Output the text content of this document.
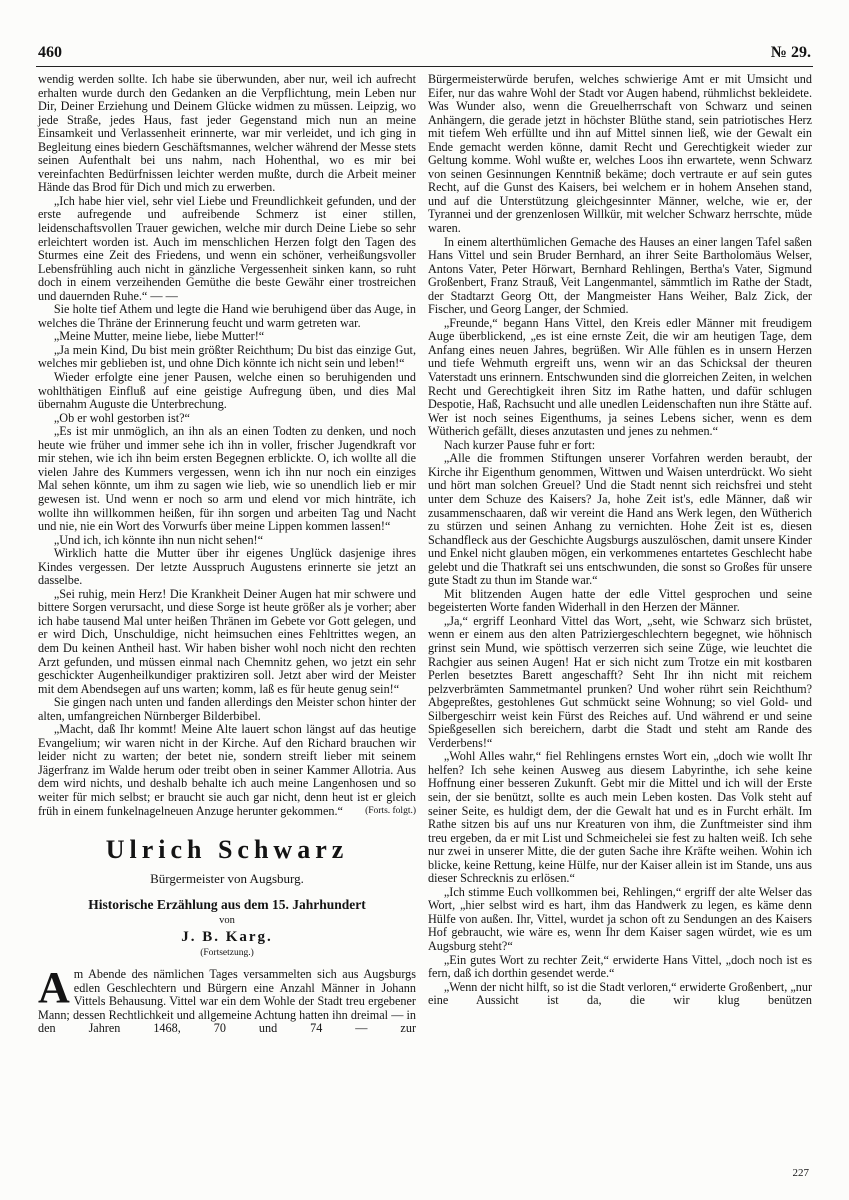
460	№ 29.

wendig werden sollte. Ich habe sie überwunden, aber nur, weil ich aufrecht erhalten wurde durch den Gedanken an die Verpflichtung, mein Leben nur Dir, Deiner Erziehung und Deinem Glücke widmen zu müssen. Leipzig, wo jede Straße, jedes Haus, fast jeder Gegenstand mich nun an meine Einsamkeit und Verlassenheit erinnerte, war mir verleidet, und ich ging in Begleitung eines biedern Geschäftsmannes, welcher während der Messe stets seinen Aufenthalt bei uns nahm, nach Hohenthal, wo es mir bei vereinfachten Bedürfnissen leichter werden mußte, durch die Arbeit meiner Hände das Brod für Dich und mich zu erwerben.

„Ich habe hier viel, sehr viel Liebe und Freundlichkeit gefunden, und der erste aufregende und aufreibende Schmerz ist einer stillen, leidenschaftsvollen Trauer gewichen, welche mir durch Deine Liebe so sehr erleichtert worden ist. Auch im menschlichen Herzen folgt den Tagen des Sturmes eine Zeit des Friedens, und wenn ein schöner, verheißungsvoller Lebensfrühling auch nicht in gänzliche Vergessenheit sinken kann, so ruht doch in einem verzeihenden Gemüthe die beste Gewähr einer trostreichen und dauernden Ruhe.“ — —

Sie holte tief Athem und legte die Hand wie beruhigend über das Auge, in welches die Thräne der Erinnerung feucht und warm getreten war.

„Meine Mutter, meine liebe, liebe Mutter!“

„Ja mein Kind, Du bist mein größter Reichthum; Du bist das einzige Gut, welches mir geblieben ist, und ohne Dich könnte ich nicht sein und leben!“

Wieder erfolgte eine jener Pausen, welche einen so beruhigenden und wohlthätigen Einfluß auf eine geistige Aufregung üben, und dies Mal übernahm Auguste die Unterbrechung.

„Ob er wohl gestorben ist?“

„Es ist mir unmöglich, an ihn als an einen Todten zu denken, und noch heute wie früher und immer sehe ich ihn in voller, frischer Jugendkraft vor mir stehen, wie ich ihn beim ersten Begegnen erblickte. O, ich wollte all die vielen Jahre des Kummers vergessen, wenn ich ihn nur noch ein einziges Mal sehen könnte, um ihm zu sagen wie lieb, wie so unendlich lieb er mir gewesen ist. Und wenn er noch so arm und elend vor mich hinträte, ich wollte ihn willkommen heißen, für ihn sorgen und arbeiten Tag und Nacht und nie, nie ein Wort des Vorwurfs über meine Lippen kommen lassen!“

„Und ich, ich könnte ihn nun nicht sehen!“

Wirklich hatte die Mutter über ihr eigenes Unglück dasjenige ihres Kindes vergessen. Der letzte Ausspruch Augustens erinnerte sie jetzt an dasselbe.

„Sei ruhig, mein Herz! Die Krankheit Deiner Augen hat mir schwere und bittere Sorgen verursacht, und diese Sorge ist heute größer als je vorher; aber ich habe tausend Mal unter heißen Thränen im Gebete vor Gott gelegen, und er wird Dich, Unschuldige, nicht heimsuchen eines Fehltrittes wegen, an dem Du keinen Antheil hast. Wir haben bisher wohl noch nicht den rechten Arzt gefunden, und müssen einmal nach Chemnitz gehen, wo jetzt ein sehr geschickter Augenheilkundiger praktiziren soll. Jetzt aber wird der Meister mit dem Abendsegen auf uns warten; komm, laß es für heute genug sein!“

Sie gingen nach unten und fanden allerdings den Meister schon hinter der alten, umfangreichen Nürnberger Bilderbibel.

„Macht, daß Ihr kommt! Meine Alte lauert schon längst auf das heutige Evangelium; wir waren nicht in der Kirche. Auf den Richard brauchen wir leider nicht zu warten; der betet nie, sondern streift lieber mit seinem Jägerfranz im Walde herum oder treibt oben in seiner Kammer Allotria. Aus dem wird nichts, und deshalb behalte ich auch meine Langenhosen und so weiter für mich selbst; er braucht sie auch gar nicht, denn heut ist er gleich früh in einem funkelnagelneuen Anzuge herunter gekommen.“ (Forts. folgt.)

Ulrich Schwarz
Bürgermeister von Augsburg.
Historische Erzählung aus dem 15. Jahrhundert
von
J. B. Karg.
(Fortsetzung.)

Am Abende des nämlichen Tages versammelten sich aus Augsburgs edlen Geschlechtern und Bürgern eine Anzahl Männer in Johann Vittels Behausung. Vittel war ein dem Wohle der Stadt treu ergebener Mann; dessen Rechtlichkeit und allgemeine Achtung hatten ihn dreimal — in den Jahren 1468, 70 und 74 — zur

Bürgermeisterwürde berufen, welches schwierige Amt er mit Umsicht und Eifer, nur das wahre Wohl der Stadt vor Augen habend, rühmlichst bekleidete. Was Wunder also, wenn die Greuelherrschaft von Schwarz und seinen Anhängern, die gerade jetzt in höchster Blüthe stand, sein patriotisches Herz mit tiefem Weh erfüllte und ihn auf Mittel sinnen ließ, wie der Gewalt ein Ende gemacht werden könne, damit Recht und Gerechtigkeit wieder zur Geltung komme. Wohl wußte er, welches Loos ihn erwartete, wenn Schwarz von seinen Gesinnungen Kenntniß bekäme; doch vertraute er auf sein gutes Recht, auf die Gunst des Kaisers, bei welchem er in hohem Ansehen stand, und auf die Unterstützung gleichgesinnter Männer, welche, wie er, der Tyrannei und der grenzenlosen Willkür, mit welcher Schwarz herrschte, müde waren.

In einem alterthümlichen Gemache des Hauses an einer langen Tafel saßen Hans Vittel und sein Bruder Bernhard, an ihrer Seite Bartholomäus Welser, Antons Vater, Peter Hörwart, Bernhard Rehlingen, Bertha's Vater, Sigmund Großenbert, Franz Strauß, Veit Langenmantel, sämmtlich im Rathe der Stadt, der Stadtarzt Georg Ott, der Mangmeister Hans Weiher, Balz Zick, der Fischer, und Georg Langer, der Schmied.

„Freunde,“ begann Hans Vittel, den Kreis edler Männer mit freudigem Auge überblickend, „es ist eine ernste Zeit, die wir am heutigen Tage, dem Anfang eines neuen Jahres, begrüßen. Wir Alle fühlen es in unsern Herzen und tiefe Wehmuth ergreift uns, wenn wir an das Schicksal der theuren Vaterstadt uns erinnern. Entschwunden sind die glorreichen Zeiten, in welchen Recht und Gerechtigkeit ihren Sitz im Rathe hatten, und dafür schlugen Despotie, Haß, Rachsucht und alle unedlen Leidenschaften nun ihre Stätte auf. Wer ist noch seines Eigenthums, ja seines Lebens sicher, wenn es dem Wütherich gefällt, dieses anzutasten und jenes zu nehmen.“

Nach kurzer Pause fuhr er fort:

„Alle die frommen Stiftungen unserer Vorfahren werden beraubt, der Kirche ihr Eigenthum genommen, Wittwen und Waisen unterdrückt. Wo sieht und hört man solchen Greuel? Und die Stadt nennt sich reichsfrei und steht unter dem Schuze des Kaisers? Ja, hohe Zeit ist's, edle Männer, daß wir zusammenschaaren, daß wir vereint die Hand ans Werk legen, den Wütherich zu stürzen und seinen Anhang zu vernichten. Hohe Zeit ist es, diesen Schandfleck aus der Geschichte Augsburgs auszulöschen, damit unsere Kinder und Enkel nicht glauben mögen, ein verkommenes entartetes Geschlecht habe gelebt und die Thatkraft sei uns entschwunden, die sonst so Großes für unsere gute Stadt zu thun im Stande war.“

Mit blitzenden Augen hatte der edle Vittel gesprochen und seine begeisterten Worte fanden Widerhall in den Herzen der Männer.

„Ja,“ ergriff Leonhard Vittel das Wort, „seht, wie Schwarz sich brüstet, wenn er einem aus den alten Patriziergeschlechtern begegnet, wie höhnisch grinst sein Mund, wie spöttisch verzerren sich seine Züge, wie leuchtet die Rachgier aus seinen Augen! Hat er sich nicht zum Trotze ein mit kostbaren Perlen besetztes Barett angeschafft? Seht Ihr ihn nicht mit reichem pelzverbrämten Sammetmantel prunken? Und woher rührt sein Reichthum? Abgepreßtes, gestohlenes Gut schmückt seine Wohnung; so viel Gold- und Silbergeschirr weist kein Fürst des Reiches auf. Und während er und seine Spießgesellen sich bereichern, darbt die Stadt und steht am Rande des Verderbens!“

„Wohl Alles wahr,“ fiel Rehlingens ernstes Wort ein, „doch wie wollt Ihr helfen? Ich sehe keinen Ausweg aus diesem Labyrinthe, ich sehe keine Hoffnung einer besseren Zukunft. Gebt mir die Mittel und ich will der Erste sein, der sie benützt, sollte es auch mein Leben kosten. Das Volk steht auf seiner Seite, es huldigt dem, der die Gewalt hat und es in Furcht erhält. Im Rathe sitzen bis auf uns nur Kreaturen von ihm, die Zunftmeister sind ihm treu ergeben, da er mit List und Schmeichelei sie fest zu halten weiß. Ich sehe nur zwei in unserer Mitte, die der guten Sache ihre Kräfte weihen. Wohin ich blicke, keine Rettung, keine Hülfe, nur der Kaiser allein ist im Stande, uns aus dieser Schrecknis zu erlösen.“

„Ich stimme Euch vollkommen bei, Rehlingen,“ ergriff der alte Welser das Wort, „hier selbst wird es hart, ihm das Handwerk zu legen, es käme denn Hülfe von außen. Ihr, Vittel, wurdet ja schon oft zu Sendungen an des Kaisers Hof gebraucht, wie wäre es, wenn Ihr dem Kaiser sagen würdet, wie es um Augsburg steht?“

„Ein gutes Wort zu rechter Zeit,“ erwiderte Hans Vittel, „doch noch ist es fern, daß ich dorthin gesendet werde.“

„Wenn der nicht hilft, so ist die Stadt verloren,“ erwiderte Großenbert, „nur eine Aussicht ist da, die wir klug benützen

227
